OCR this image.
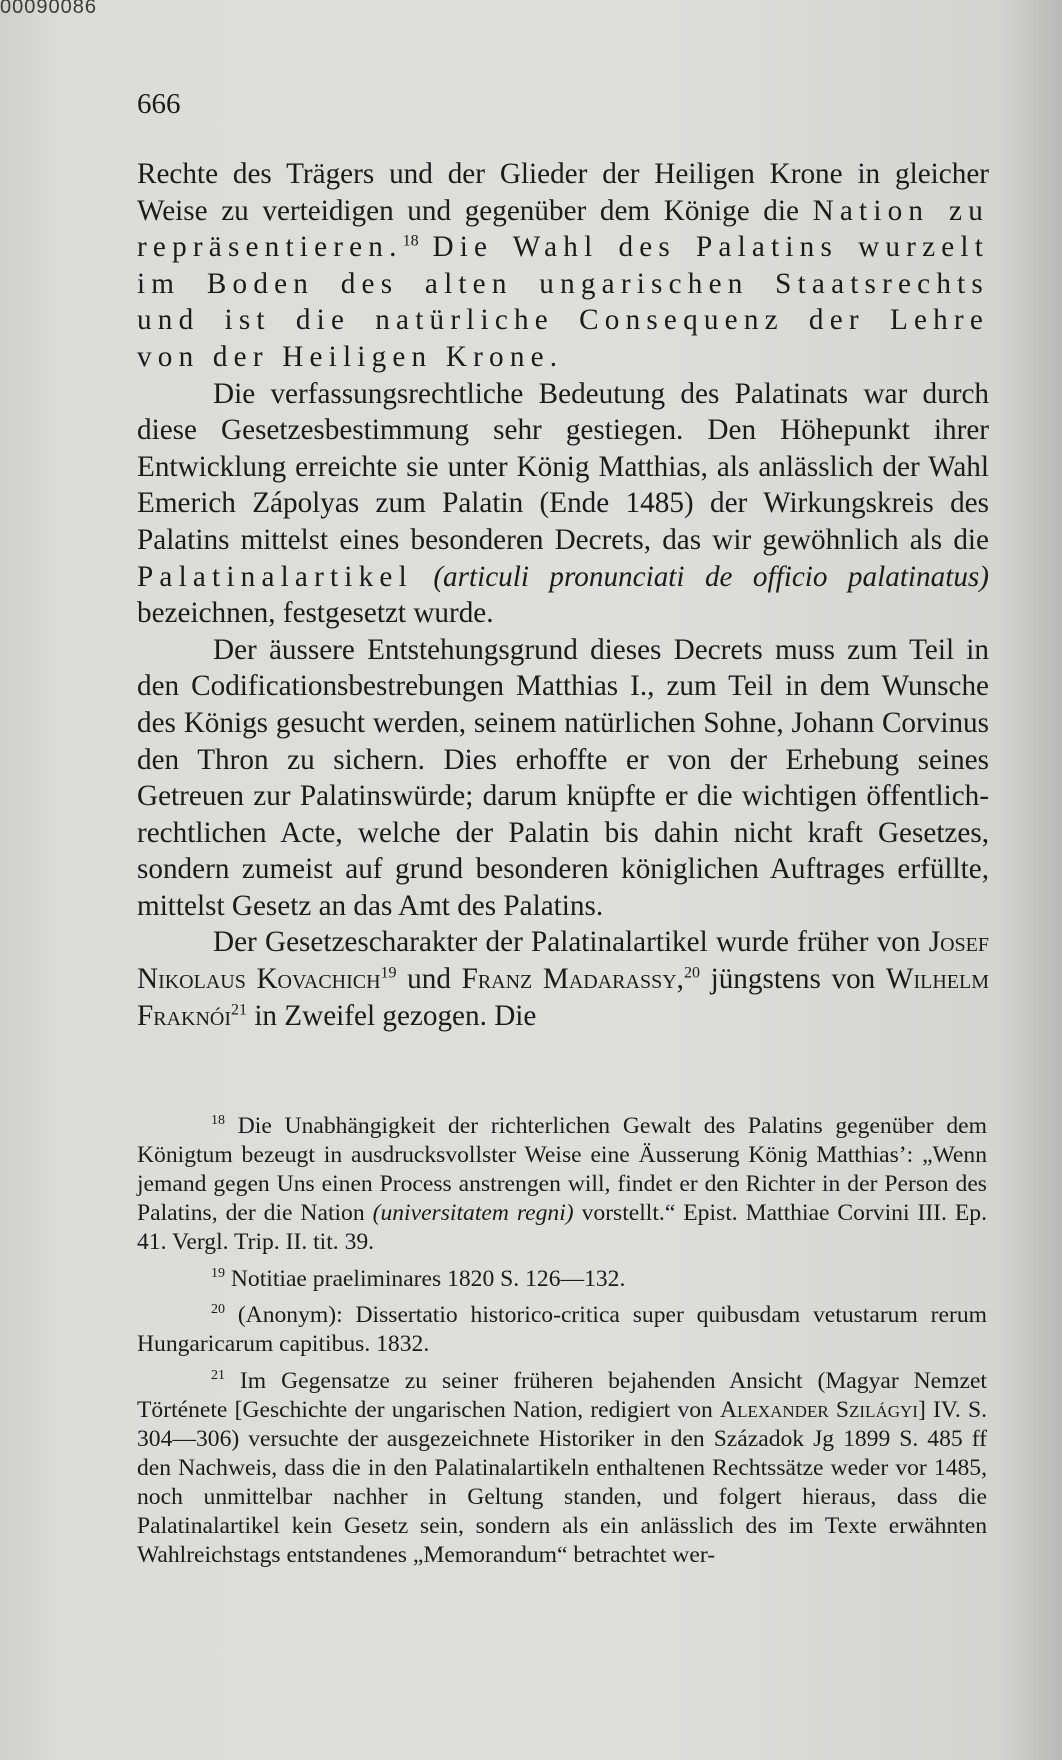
00090086
666

Rechte des Trägers und der Glieder der Heiligen Krone in gleicher Weise zu verteidigen und gegenüber dem Könige die Nation zu repräsentieren.$^{18}$ Die Wahl des Palatins wurzelt im Boden des alten ungarischen Staatsrechts und ist die natürliche Consequenz der Lehre von der Heiligen Krone.

Die verfassungsrechtliche Bedeutung des Palatinats war durch diese Gesetzesbestimmung sehr gestiegen. Den Höhepunkt ihrer Entwicklung erreichte sie unter König Matthias, als anlässlich der Wahl Emerich Zápolyas zum Palatin (Ende 1485) der Wirkungskreis des Palatins mittelst eines besonderen Decrets, das wir gewöhnlich als die Palatinalartikel (articuli pronunciati de officio palatinatus) bezeichnen, festgesetzt wurde.

Der äussere Entstehungsgrund dieses Decrets muss zum Teil in den Codificationsbestrebungen Matthias I., zum Teil in dem Wunsche des Königs gesucht werden, seinem natürlichen Sohne, Johann Corvinus den Thron zu sichern. Dies erhoffte er von der Erhebung seines Getreuen zur Palatinswürde; darum knüpfte er die wichtigen öffentlich-rechtlichen Acte, welche der Palatin bis dahin nicht kraft Gesetzes, sondern zumeist auf grund besonderen königlichen Auftrages erfüllte, mittelst Gesetz an das Amt des Palatins.

Der Gesetzescharakter der Palatinalartikel wurde früher von Josef Nikolaus Kovachich$^{19}$ und Franz Madarassy,$^{20}$ jüngstens von Wilhelm Fraknói$^{21}$ in Zweifel gezogen. Die

$^{18}$ Die Unabhängigkeit der richterlichen Gewalt des Palatins gegenüber dem Königtum bezeugt in ausdrucksvollster Weise eine Äusserung König Matthias’: „Wenn jemand gegen Uns einen Process anstrengen will, findet er den Richter in der Person des Palatins, der die Nation (universitatem regni) vorstellt.“ Epist. Matthiae Corvini III. Ep. 41. Vergl. Trip. II. tit. 39.

$^{19}$ Notitiae praeliminares 1820 S. 126—132.

$^{20}$ (Anonym): Dissertatio historico-critica super quibusdam vetustarum rerum Hungaricarum capitibus. 1832.

$^{21}$ Im Gegensatze zu seiner früheren bejahenden Ansicht (Magyar Nemzet Története [Geschichte der ungarischen Nation, redigiert von Alexander Szilágyi] IV. S. 304—306) versuchte der ausgezeichnete Historiker in den Századok Jg 1899 S. 485 ff den Nachweis, dass die in den Palatinalartikeln enthaltenen Rechtssätze weder vor 1485, noch unmittelbar nachher in Geltung standen, und folgert hieraus, dass die Palatinalartikel kein Gesetz sein, sondern als ein anlässlich des im Texte erwähnten Wahlreichstags entstandenes „Memorandum“ betrachtet wer-
